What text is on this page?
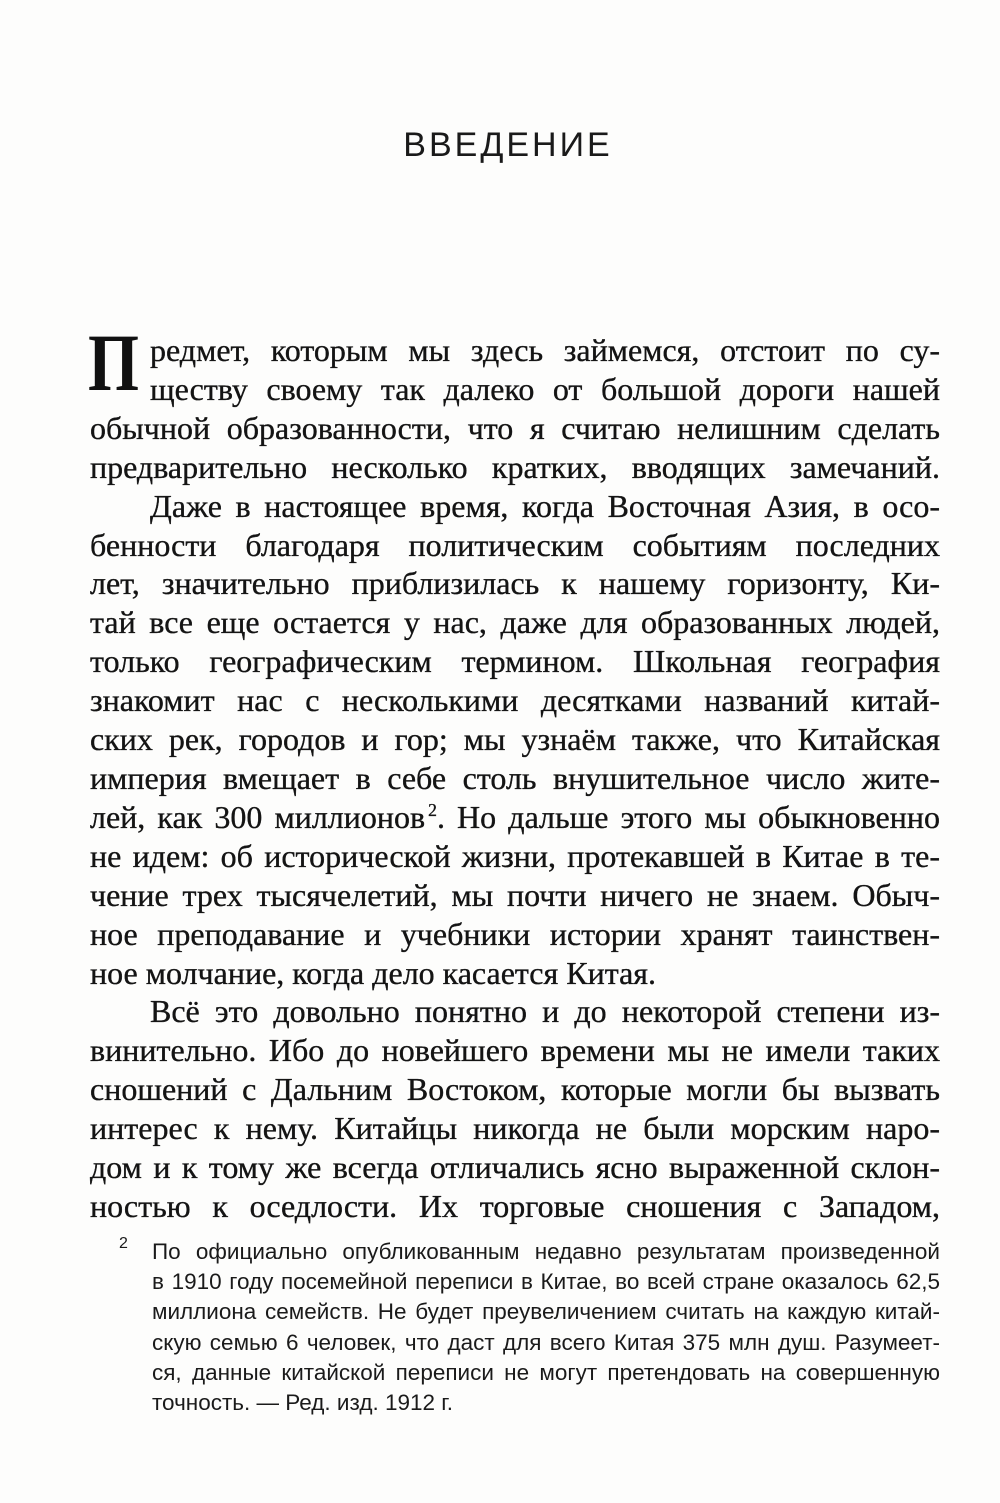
ВВЕДЕНИЕ
П редмет, которым мы здесь займемся, отстоит по су-
ществу своему так далеко от большой дороги нашей
обычной образованности, что я считаю нелишним сделать
предварительно несколько кратких, вводящих замечаний.
Даже в настоящее время, когда Восточная Азия, в осо-
бенности благодаря политическим событиям последних
лет, значительно приблизилась к нашему горизонту, Ки-
тай все еще остается у нас, даже для образованных людей,
только географическим термином. Школьная география
знакомит нас с несколькими десятками названий китай-
ских рек, городов и гор; мы узнаём также, что Китайская
империя вмещает в себе столь внушительное число жите-
лей, как 300 миллионов $^2$. Но дальше этого мы обыкновенно
не идем: об исторической жизни, протекавшей в Китае в те-
чение трех тысячелетий, мы почти ничего не знаем. Обыч-
ное преподавание и учебники истории хранят таинствен-
ное молчание, когда дело касается Китая.
Всё это довольно понятно и до некоторой степени из-
винительно. Ибо до новейшего времени мы не имели таких
сношений с Дальним Востоком, которые могли бы вызвать
интерес к нему. Китайцы никогда не были морским наро-
дом и к тому же всегда отличались ясно выраженной склон-
ностью к оседлости. Их торговые сношения с Западом,
2 По официально опубликованным недавно результатам произведенной
в 1910 году посемейной переписи в Китае, во всей стране оказалось 62,5
миллиона семейств. Не будет преувеличением считать на каждую китай-
скую семью 6 человек, что даст для всего Китая 375 млн душ. Разумеет-
ся, данные китайской переписи не могут претендовать на совершенную
точность. — Ред. изд. 1912 г.
